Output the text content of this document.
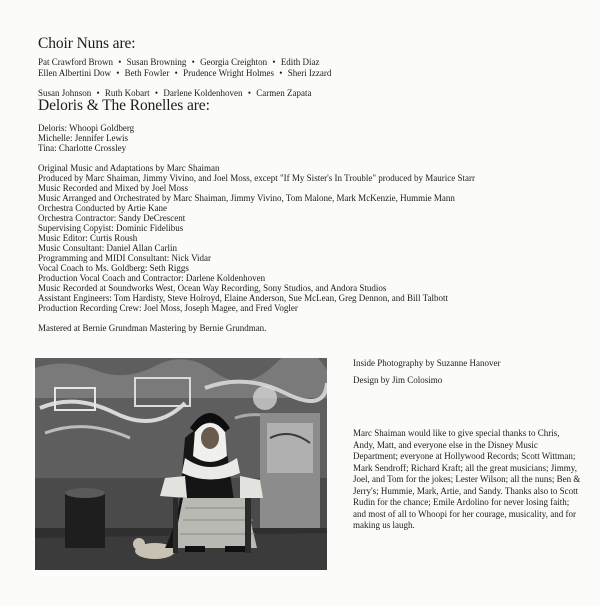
Choir Nuns are:
Pat Crawford Brown • Susan Browning • Georgia Creighton • Edith Diaz
Ellen Albertini Dow • Beth Fowler • Prudence Wright Holmes • Sheri Izzard
Susan Johnson • Ruth Kobart • Darlene Koldenhoven • Carmen Zapata
Deloris & The Ronelles are:
Deloris: Whoopi Goldberg
Michelle: Jennifer Lewis
Tina: Charlotte Crossley
Original Music and Adaptations by Marc Shaiman
Produced by Marc Shaiman, Jimmy Vivino, and Joel Moss, except "If My Sister's In Trouble" produced by Maurice Starr
Music Recorded and Mixed by Joel Moss
Music Arranged and Orchestrated by Marc Shaiman, Jimmy Vivino, Tom Malone, Mark McKenzie, Hummie Mann
Orchestra Conducted by Artie Kane
Orchestra Contractor: Sandy DeCrescent
Supervising Copyist: Dominic Fidelibus
Music Editor: Curtis Roush
Music Consultant: Daniel Allan Carlin
Programming and MIDI Consultant: Nick Vidar
Vocal Coach to Ms. Goldberg: Seth Riggs
Production Vocal Coach and Contractor: Darlene Koldenhoven
Music Recorded at Soundworks West, Ocean Way Recording, Sony Studios, and Andora Studios
Assistant Engineers: Tom Hardisty, Steve Holroyd, Elaine Anderson, Sue McLean, Greg Dennon, and Bill Talbott
Production Recording Crew: Joel Moss, Joseph Magee, and Fred Vogler
Mastered at Bernie Grundman Mastering by Bernie Grundman.
Inside Photography by Suzanne Hanover
Design by Jim Colosimo
Marc Shaiman would like to give special thanks to Chris, Andy, Matt, and everyone else in the Disney Music Department; everyone at Hollywood Records; Scott Wittman; Mark Sendroff; Richard Kraft; all the great musicians; Jimmy, Joel, and Tom for the jokes; Lester Wilson; all the nuns; Ben & Jerry's; Hummie, Mark, Artie, and Sandy. Thanks also to Scott Rudin for the chance; Emile Ardolino for never losing faith; and most of all to Whoopi for her courage, musicality, and for making us laugh.
